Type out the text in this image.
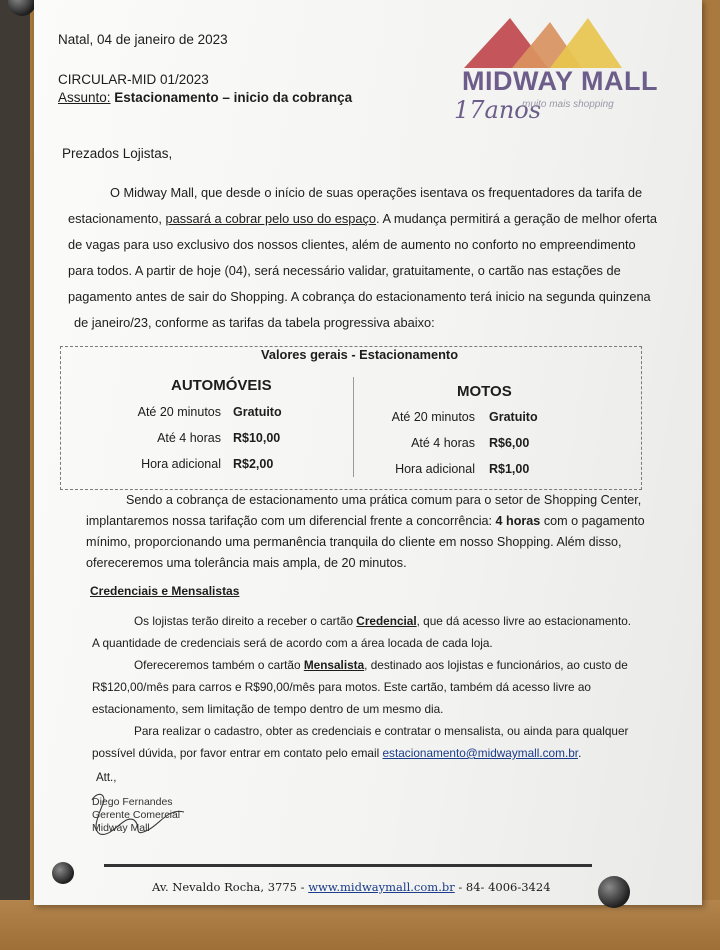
Natal, 04 de janeiro de 2023
CIRCULAR-MID 01/2023
Assunto: Estacionamento – inicio da cobrança
MIDWAY MALL
17anos
muito mais shopping
Prezados Lojistas,
O Midway Mall, que desde o início de suas operações isentava os frequentadores da tarifa de
estacionamento, passará a cobrar pelo uso do espaço. A mudança permitirá a geração de melhor oferta
de vagas para uso exclusivo dos nossos clientes, além de aumento no conforto no empreendimento
para todos. A partir de hoje (04), será necessário validar, gratuitamente, o cartão nas estações de
pagamento antes de sair do Shopping. A cobrança do estacionamento terá inicio na segunda quinzena
de janeiro/23, conforme as tarifas da tabela progressiva abaixo:
Valores gerais - Estacionamento
AUTOMÓVEIS
Até 20 minutos Gratuito
Até 4 horas R$10,00
Hora adicional R$2,00
MOTOS
Até 20 minutos Gratuito
Até 4 horas R$6,00
Hora adicional R$1,00
Sendo a cobrança de estacionamento uma prática comum para o setor de Shopping Center,
implantaremos nossa tarifação com um diferencial frente a concorrência: 4 horas com o pagamento
mínimo, proporcionando uma permanência tranquila do cliente em nosso Shopping. Além disso,
ofereceremos uma tolerância mais ampla, de 20 minutos.
Credenciais e Mensalistas
Os lojistas terão direito a receber o cartão Credencial, que dá acesso livre ao estacionamento.
A quantidade de credenciais será de acordo com a área locada de cada loja.
Ofereceremos também o cartão Mensalista, destinado aos lojistas e funcionários, ao custo de
R$120,00/mês para carros e R$90,00/mês para motos. Este cartão, também dá acesso livre ao
estacionamento, sem limitação de tempo dentro de um mesmo dia.
Para realizar o cadastro, obter as credenciais e contratar o mensalista, ou ainda para qualquer
possível dúvida, por favor entrar em contato pelo email estacionamento@midwaymall.com.br.
Att.,
Diego Fernandes
Gerente Comercial
Midway Mall
Av. Nevaldo Rocha, 3775 - www.midwaymall.com.br - 84- 4006-3424
